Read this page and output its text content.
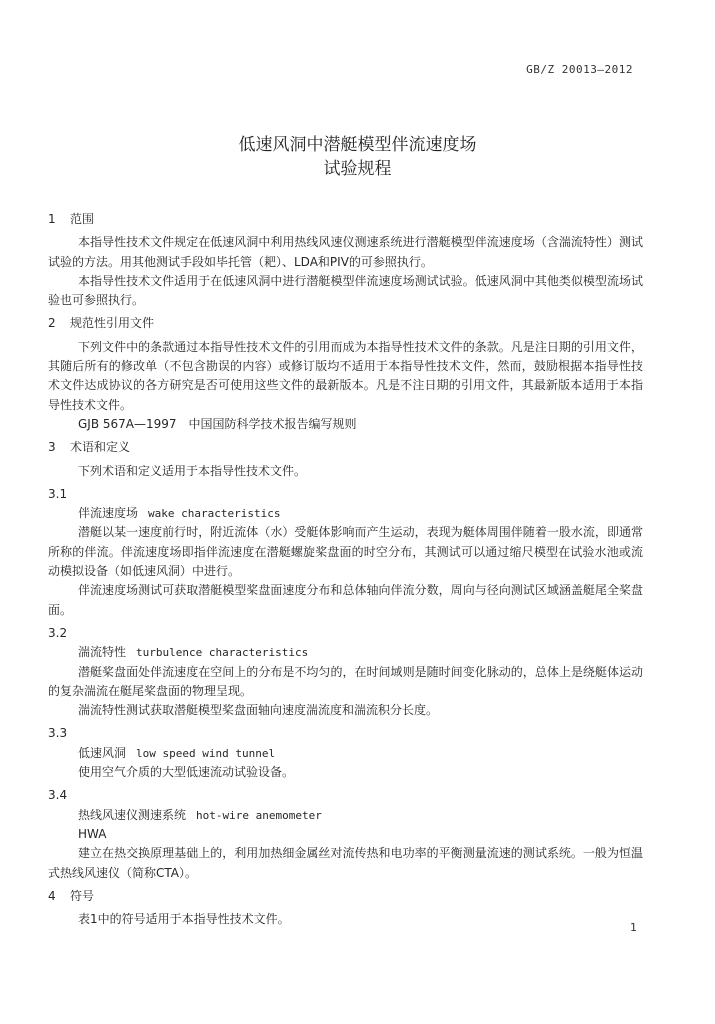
GB/Z 20013—2012
低速风洞中潜艇模型伴流速度场
试验规程
1 范围

本指导性技术文件规定在低速风洞中利用热线风速仪测速系统进行潜艇模型伴流速度场（含湍流特性）测试试验的方法。用其他测试手段如毕托管（耙）、LDA和PIV的可参照执行。

本指导性技术文件适用于在低速风洞中进行潜艇模型伴流速度场测试试验。低速风洞中其他类似模型流场试验也可参照执行。

2 规范性引用文件

下列文件中的条款通过本指导性技术文件的引用而成为本指导性技术文件的条款。凡是注日期的引用文件，其随后所有的修改单（不包含勘误的内容）或修订版均不适用于本指导性技术文件，然而，鼓励根据本指导性技术文件达成协议的各方研究是否可使用这些文件的最新版本。凡是不注日期的引用文件，其最新版本适用于本指导性技术文件。

GJB 567A—1997　中国国防科学技术报告编写规则

3 术语和定义

下列术语和定义适用于本指导性技术文件。

3.1
伴流速度场 wake characteristics

潜艇以某一速度前行时，附近流体（水）受艇体影响而产生运动，表现为艇体周围伴随着一股水流，即通常所称的伴流。伴流速度场即指伴流速度在潜艇螺旋桨盘面的时空分布，其测试可以通过缩尺模型在试验水池或流动模拟设备（如低速风洞）中进行。

伴流速度场测试可获取潜艇模型桨盘面速度分布和总体轴向伴流分数，周向与径向测试区域涵盖艇尾全桨盘面。

3.2
湍流特性 turbulence characteristics

潜艇桨盘面处伴流速度在空间上的分布是不均匀的，在时间域则是随时间变化脉动的，总体上是绕艇体运动的复杂湍流在艇尾桨盘面的物理呈现。

湍流特性测试获取潜艇模型桨盘面轴向速度湍流度和湍流积分长度。

3.3
低速风洞 low speed wind tunnel

使用空气介质的大型低速流动试验设备。

3.4
热线风速仪测速系统 hot-wire anemometer
HWA

建立在热交换原理基础上的，利用加热细金属丝对流传热和电功率的平衡测量流速的测试系统。一般为恒温式热线风速仪（简称CTA）。

4 符号

表1中的符号适用于本指导性技术文件。

1
